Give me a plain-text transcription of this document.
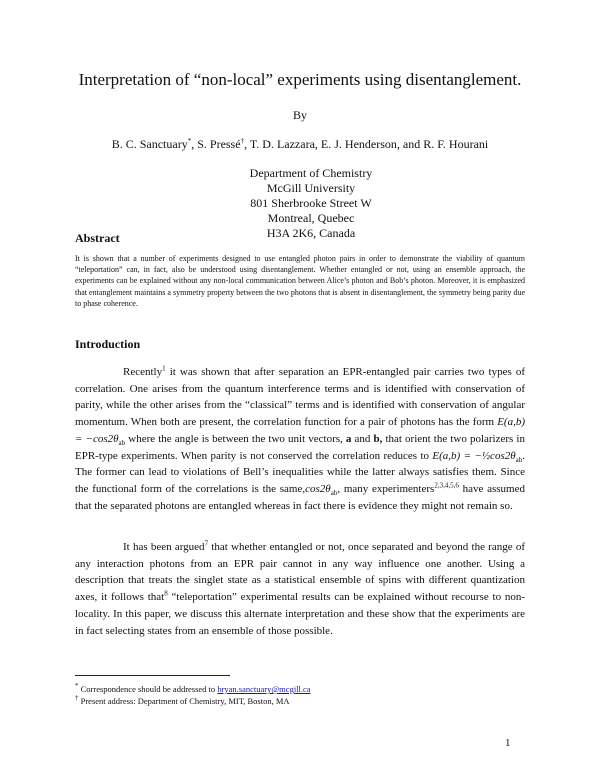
Interpretation of “non-local” experiments using disentanglement.
By
B. C. Sanctuary*, S. Pressé†, T. D. Lazzara, E. J. Henderson, and R. F. Hourani
Department of Chemistry
McGill University
801 Sherbrooke Street W
Montreal, Quebec
H3A 2K6, Canada
Abstract
It is shown that a number of experiments designed to use entangled photon pairs in order to demonstrate the viability of quantum “teleportation” can, in fact, also be understood using disentanglement. Whether entangled or not, using an ensemble approach, the experiments can be explained without any non-local communication between Alice’s photon and Bob’s photon. Moreover, it is emphasized that entanglement maintains a symmetry property between the two photons that is absent in disentanglement, the symmetry being parity due to phase coherence.
Introduction
Recently$^1$ it was shown that after separation an EPR-entangled pair carries two types of correlation. One arises from the quantum interference terms and is identified with conservation of parity, while the other arises from the “classical” terms and is identified with conservation of angular momentum. When both are present, the correlation function for a pair of photons has the form $E(a,b) = -\cos 2\theta_{ab}$ where the angle is between the two unit vectors, a and b, that orient the two polarizers in EPR-type experiments. When parity is not conserved the correlation reduces to $E(a,b) = -\frac{1}{2}\cos 2\theta_{ab}$. The former can lead to violations of Bell’s inequalities while the latter always satisfies them. Since the functional form of the correlations is the $same,\cos 2\theta_{ab}$, many experimenters$^{2,3,4,5,6}$ have assumed that the separated photons are entangled whereas in fact there is evidence they might not remain so.
It has been argued$^7$ that whether entangled or not, once separated and beyond the range of any interaction photons from an EPR pair cannot in any way influence one another. Using a description that treats the singlet state as a statistical ensemble of spins with different quantization axes, it follows that$^8$ “teleportation” experimental results can be explained without recourse to non-locality. In this paper, we discuss this alternate interpretation and these show that the experiments are in fact selecting states from an ensemble of those possible.
* Correspondence should be addressed to bryan.sanctuary@mcgill.ca
† Present address: Department of Chemistry, MIT, Boston, MA
1
